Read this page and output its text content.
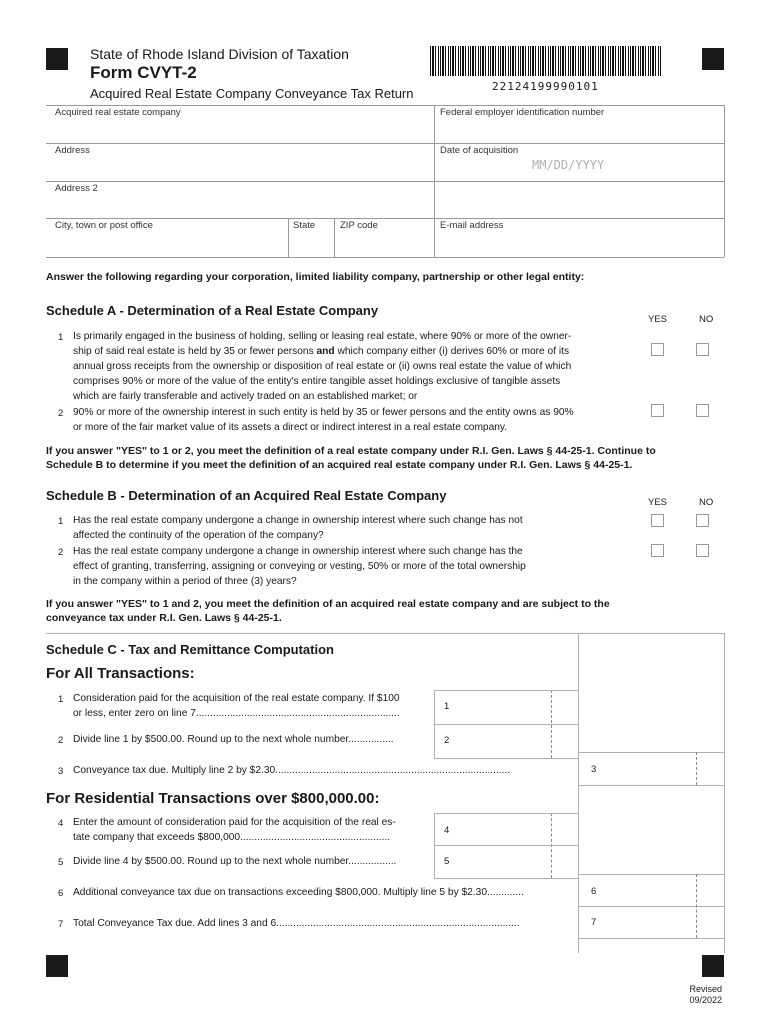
State of Rhode Island Division of Taxation
Form CVYT-2
Acquired Real Estate Company Conveyance Tax Return	22124199990101
Acquired real estate company	Federal employer identification number
Address	Date of acquisition
MM/DD/YYYY
Address 2
City, town or post office	State	ZIP code	E-mail address
Answer the following regarding your corporation, limited liability company, partnership or other legal entity:
Schedule A - Determination of a Real Estate Company
YES	NO
1 Is primarily engaged in the business of holding, selling or leasing real estate, where 90% or more of the owner-
ship of said real estate is held by 35 or fewer persons and which company either (i) derives 60% or more of its
annual gross receipts from the ownership or disposition of real estate or (ii) owns real estate the value of which
comprises 90% or more of the value of the entity's entire tangible asset holdings exclusive of tangible assets
which are fairly transferable and actively traded on an established market; or
2 90% or more of the ownership interest in such entity is held by 35 or fewer persons and the entity owns as 90%
or more of the fair market value of its assets a direct or indirect interest in a real estate company.
If you answer "YES" to 1 or 2, you meet the definition of a real estate company under R.I. Gen. Laws § 44-25-1. Continue to
Schedule B to determine if you meet the definition of an acquired real estate company under R.I. Gen. Laws § 44-25-1.
Schedule B - Determination of an Acquired Real Estate Company	YES	NO
1 Has the real estate company undergone a change in ownership interest where such change has not
affected the continuity of the operation of the company?
2 Has the real estate company undergone a change in ownership interest where such change has the
effect of granting, transferring, assigning or conveying or vesting, 50% or more of the total ownership
in the company within a period of three (3) years?
If you answer "YES" to 1 and 2, you meet the definition of an acquired real estate company and are subject to the
conveyance tax under R.I. Gen. Laws § 44-25-1.
Schedule C - Tax and Remittance Computation
For All Transactions:
For Residential Transactions over $800,000.00:
1 Consideration paid for the acquisition of the real estate company. If $100
or less, enter zero on line 7........................................................................
1
2 Divide line 1 by $500.00. Round up to the next whole number................	2
3 Conveyance tax due. Multiply line 2 by $2.30...................................................................................	3
4 Enter the amount of consideration paid for the acquisition of the real es-
tate company that exceeds $800,000.....................................................
4
5 Divide line 4 by $500.00. Round up to the next whole number.................	5
6 Additional conveyance tax due on transactions exceeding $800,000. Multiply line 5 by $2.30.............	6
7 Total Conveyance Tax due. Add lines 3 and 6......................................................................................	7
Revised
09/2022
